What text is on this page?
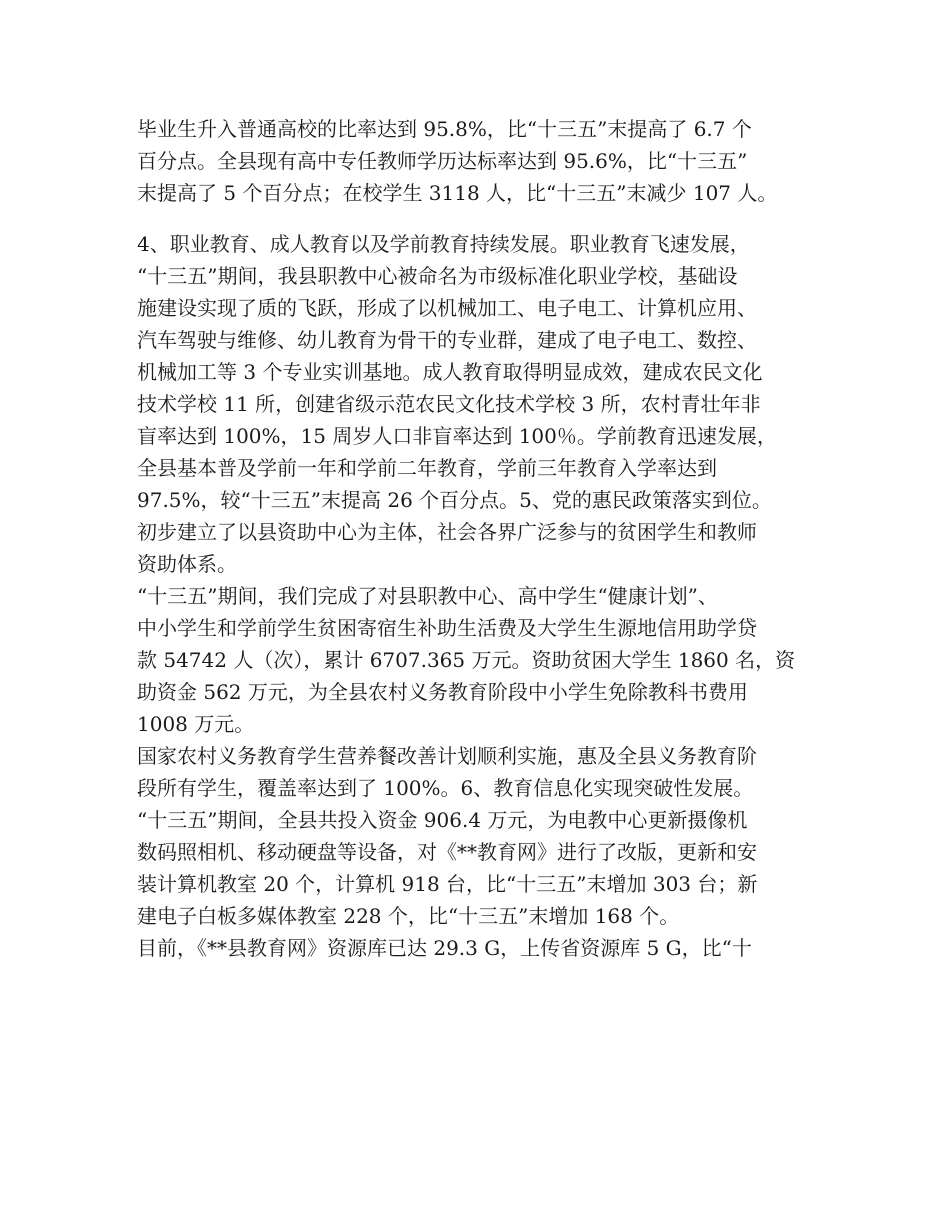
毕业生升入普通高校的比率达到 95.8%，比“十三五”末提高了 6.7 个
百分点。全县现有高中专任教师学历达标率达到 95.6%，比“十三五”
末提高了 5 个百分点；在校学生 3118 人，比“十三五”末减少 107 人。
4、职业教育、成人教育以及学前教育持续发展。职业教育飞速发展，
“十三五”期间，我县职教中心被命名为市级标准化职业学校，基础设
施建设实现了质的飞跃，形成了以机械加工、电子电工、计算机应用、
汽车驾驶与维修、幼儿教育为骨干的专业群，建成了电子电工、数控、
机械加工等 3 个专业实训基地。成人教育取得明显成效，建成农民文化
技术学校 11 所，创建省级示范农民文化技术学校 3 所，农村青壮年非
盲率达到 100%，15 周岁人口非盲率达到 100％。学前教育迅速发展，
全县基本普及学前一年和学前二年教育，学前三年教育入学率达到
97.5%，较“十三五”末提高 26 个百分点。5、党的惠民政策落实到位。
初步建立了以县资助中心为主体，社会各界广泛参与的贫困学生和教师
资助体系。
“十三五”期间，我们完成了对县职教中心、高中学生“健康计划”、
中小学生和学前学生贫困寄宿生补助生活费及大学生生源地信用助学贷
款 54742 人（次），累计 6707.365 万元。资助贫困大学生 1860 名，资
助资金 562 万元，为全县农村义务教育阶段中小学生免除教科书费用
1008 万元。
国家农村义务教育学生营养餐改善计划顺利实施，惠及全县义务教育阶
段所有学生，覆盖率达到了 100%。6、教育信息化实现突破性发展。
“十三五”期间，全县共投入资金 906.4 万元，为电教中心更新摄像机
数码照相机、移动硬盘等设备，对《**教育网》进行了改版，更新和安
装计算机教室 20 个，计算机 918 台，比“十三五”末增加 303 台；新
建电子白板多媒体教室 228 个，比“十三五”末增加 168 个。
目前，《**县教育网》资源库已达 29.3 G，上传省资源库 5 G，比“十
